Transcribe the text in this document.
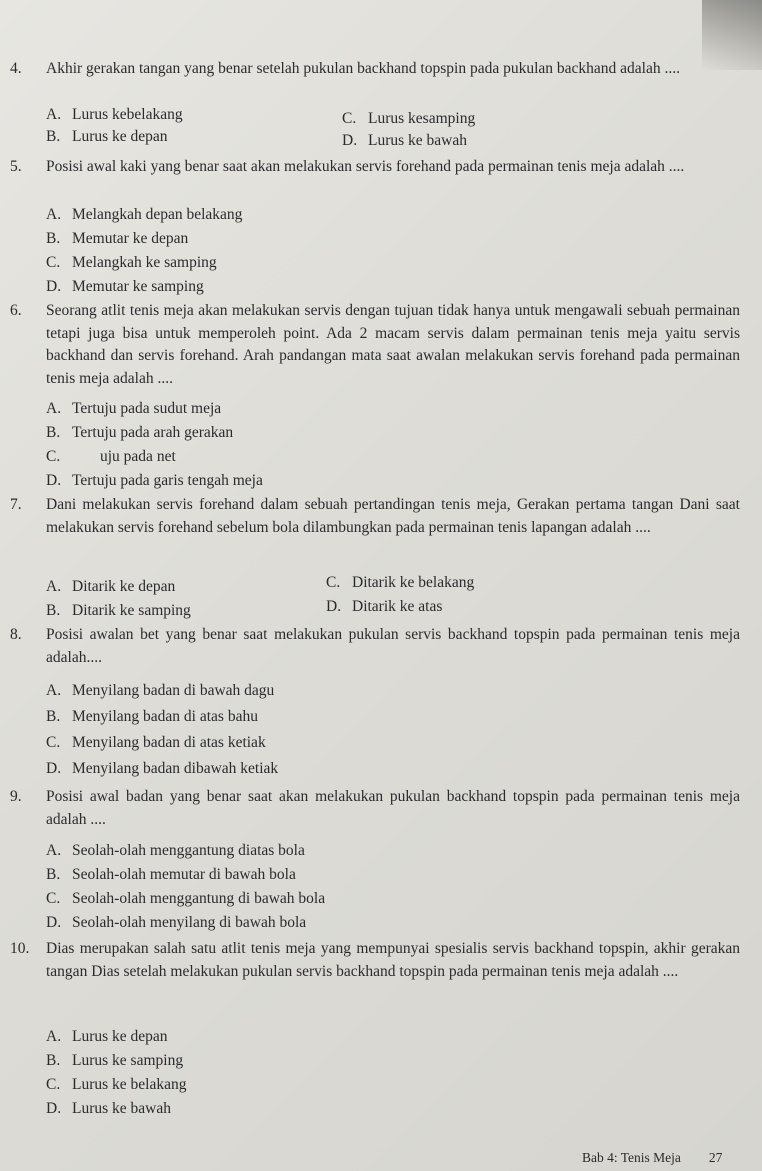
4. Akhir gerakan tangan yang benar setelah pukulan backhand topspin pada pukulan backhand adalah ....
A. Lurus kebelakang
B. Lurus ke depan
C. Lurus kesamping
D. Lurus ke bawah
5. Posisi awal kaki yang benar saat akan melakukan servis forehand pada permainan tenis meja adalah ....
A. Melangkah depan belakang
B. Memutar ke depan
C. Melangkah ke samping
D. Memutar ke samping
6. Seorang atlit tenis meja akan melakukan servis dengan tujuan tidak hanya untuk mengawali sebuah permainan tetapi juga bisa untuk memperoleh point. Ada 2 macam servis dalam permainan tenis meja yaitu servis backhand dan servis forehand. Arah pandangan mata saat awalan melakukan servis forehand pada permainan tenis meja adalah ....
A. Tertuju pada sudut meja
B. Tertuju pada arah gerakan
C.	uju pada net
D. Tertuju pada garis tengah meja
7. Dani melakukan servis forehand dalam sebuah pertandingan tenis meja, Gerakan pertama tangan Dani saat melakukan servis forehand sebelum bola dilambungkan pada permainan tenis lapangan adalah ....
A. Ditarik ke depan
B. Ditarik ke samping
C. Ditarik ke belakang
D. Ditarik ke atas
8. Posisi awalan bet yang benar saat melakukan pukulan servis backhand topspin pada permainan tenis meja adalah....
A. Menyilang badan di bawah dagu
B. Menyilang badan di atas bahu
C. Menyilang badan di atas ketiak
D. Menyilang badan dibawah ketiak
9. Posisi awal badan yang benar saat akan melakukan pukulan backhand topspin pada permainan tenis meja adalah ....
A. Seolah-olah menggantung diatas bola
B. Seolah-olah memutar di bawah bola
C. Seolah-olah menggantung di bawah bola
D. Seolah-olah menyilang di bawah bola
10. Dias merupakan salah satu atlit tenis meja yang mempunyai spesialis servis backhand topspin, akhir gerakan tangan Dias setelah melakukan pukulan servis backhand topspin pada permainan tenis meja adalah ....
A. Lurus ke depan
B. Lurus ke samping
C. Lurus ke belakang
D. Lurus ke bawah
Bab 4: Tenis Meja 27
